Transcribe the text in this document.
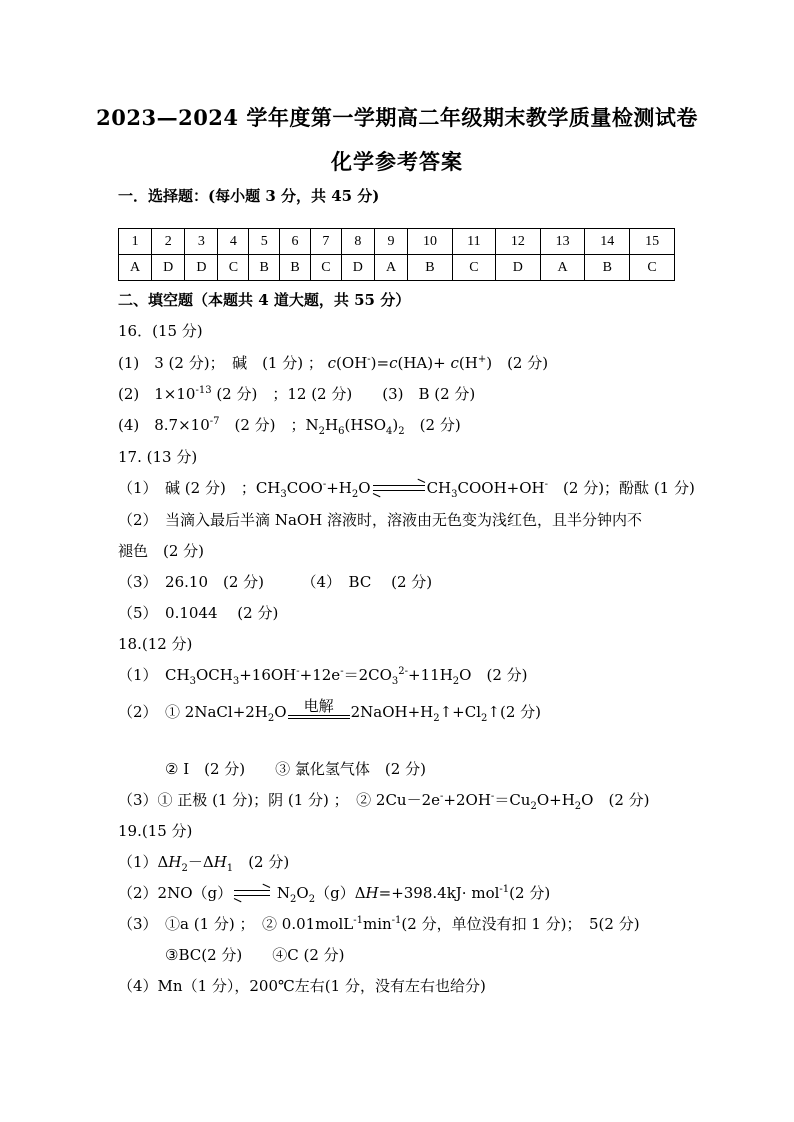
2023—2024 学年度第一学期高二年级期末教学质量检测试卷
化学参考答案
一．选择题：(每小题 3 分，共 45 分)
1	2	3	4	5	6	7	8	9	10	11	12	13	14	15
A	D	D	C	B	B	C	D	A	B	C	D	A	B	C
二、填空题（本题共 4 道大题，共 55 分）
16．(15 分)
(1)　3 (2 分)；　碱　(1 分) ； c(OH-)=c(HA)+ c(H+)　(2 分)
(2)　$1\times 10^{-13}$ (2 分)　；12 (2 分)　　(3)　B (2 分)
(4)　$8.7\times 10^{-7}$　(2 分)　；$N_2H_6(HSO_4)_2$　 (2 分)
17. (13 分)
（1）　碱 (2 分)　；$CH_3COO^-+H_2O$ ⇌ $CH_3COOH+OH^-$　 (2 分)；酚酞 (1 分)
（2）　当滴入最后半滴 NaOH 溶液时，溶液由无色变为浅红色，且半分钟内不
褪色　(2 分)
（3）　26.10　(2 分)　　　（4）　BC　 (2 分)
（5）　0.1044　 (2 分)
18.(12 分)
（1）　$CH_3OCH_3+16OH^-+12e^-=2CO_3^{2-}+11H_2O$　(2 分)
（2）　① $2NaCl+2H_2O$	电解	$2NaOH+H_2↑+Cl_2↑(2$ 分)
② I　(2 分)　　③ 氯化氢气体　(2 分)
（3）① 正极 (1 分)；阴 (1 分) ；　② $2Cu-2e^-+2OH^-=Cu_2O+H_2O$　(2 分)
19.(15 分)
$(1)\Delta H_2-\Delta H_1$　 (2 分)
（2）2NO（g） ⇌ $N_2O_2(g)\Delta H=+398.4kJ\cdot mol^{-1}(2$ 分)
（3）　①a (1 分) ；　② $0.01molL^{-1}\min^{-1}(2$ 分，单位没有扣 1 分)；　5(2 分)
③BC(2 分)　　④C (2 分)
（4）Mn（1 分），200℃左右(1 分，没有左右也给分)
